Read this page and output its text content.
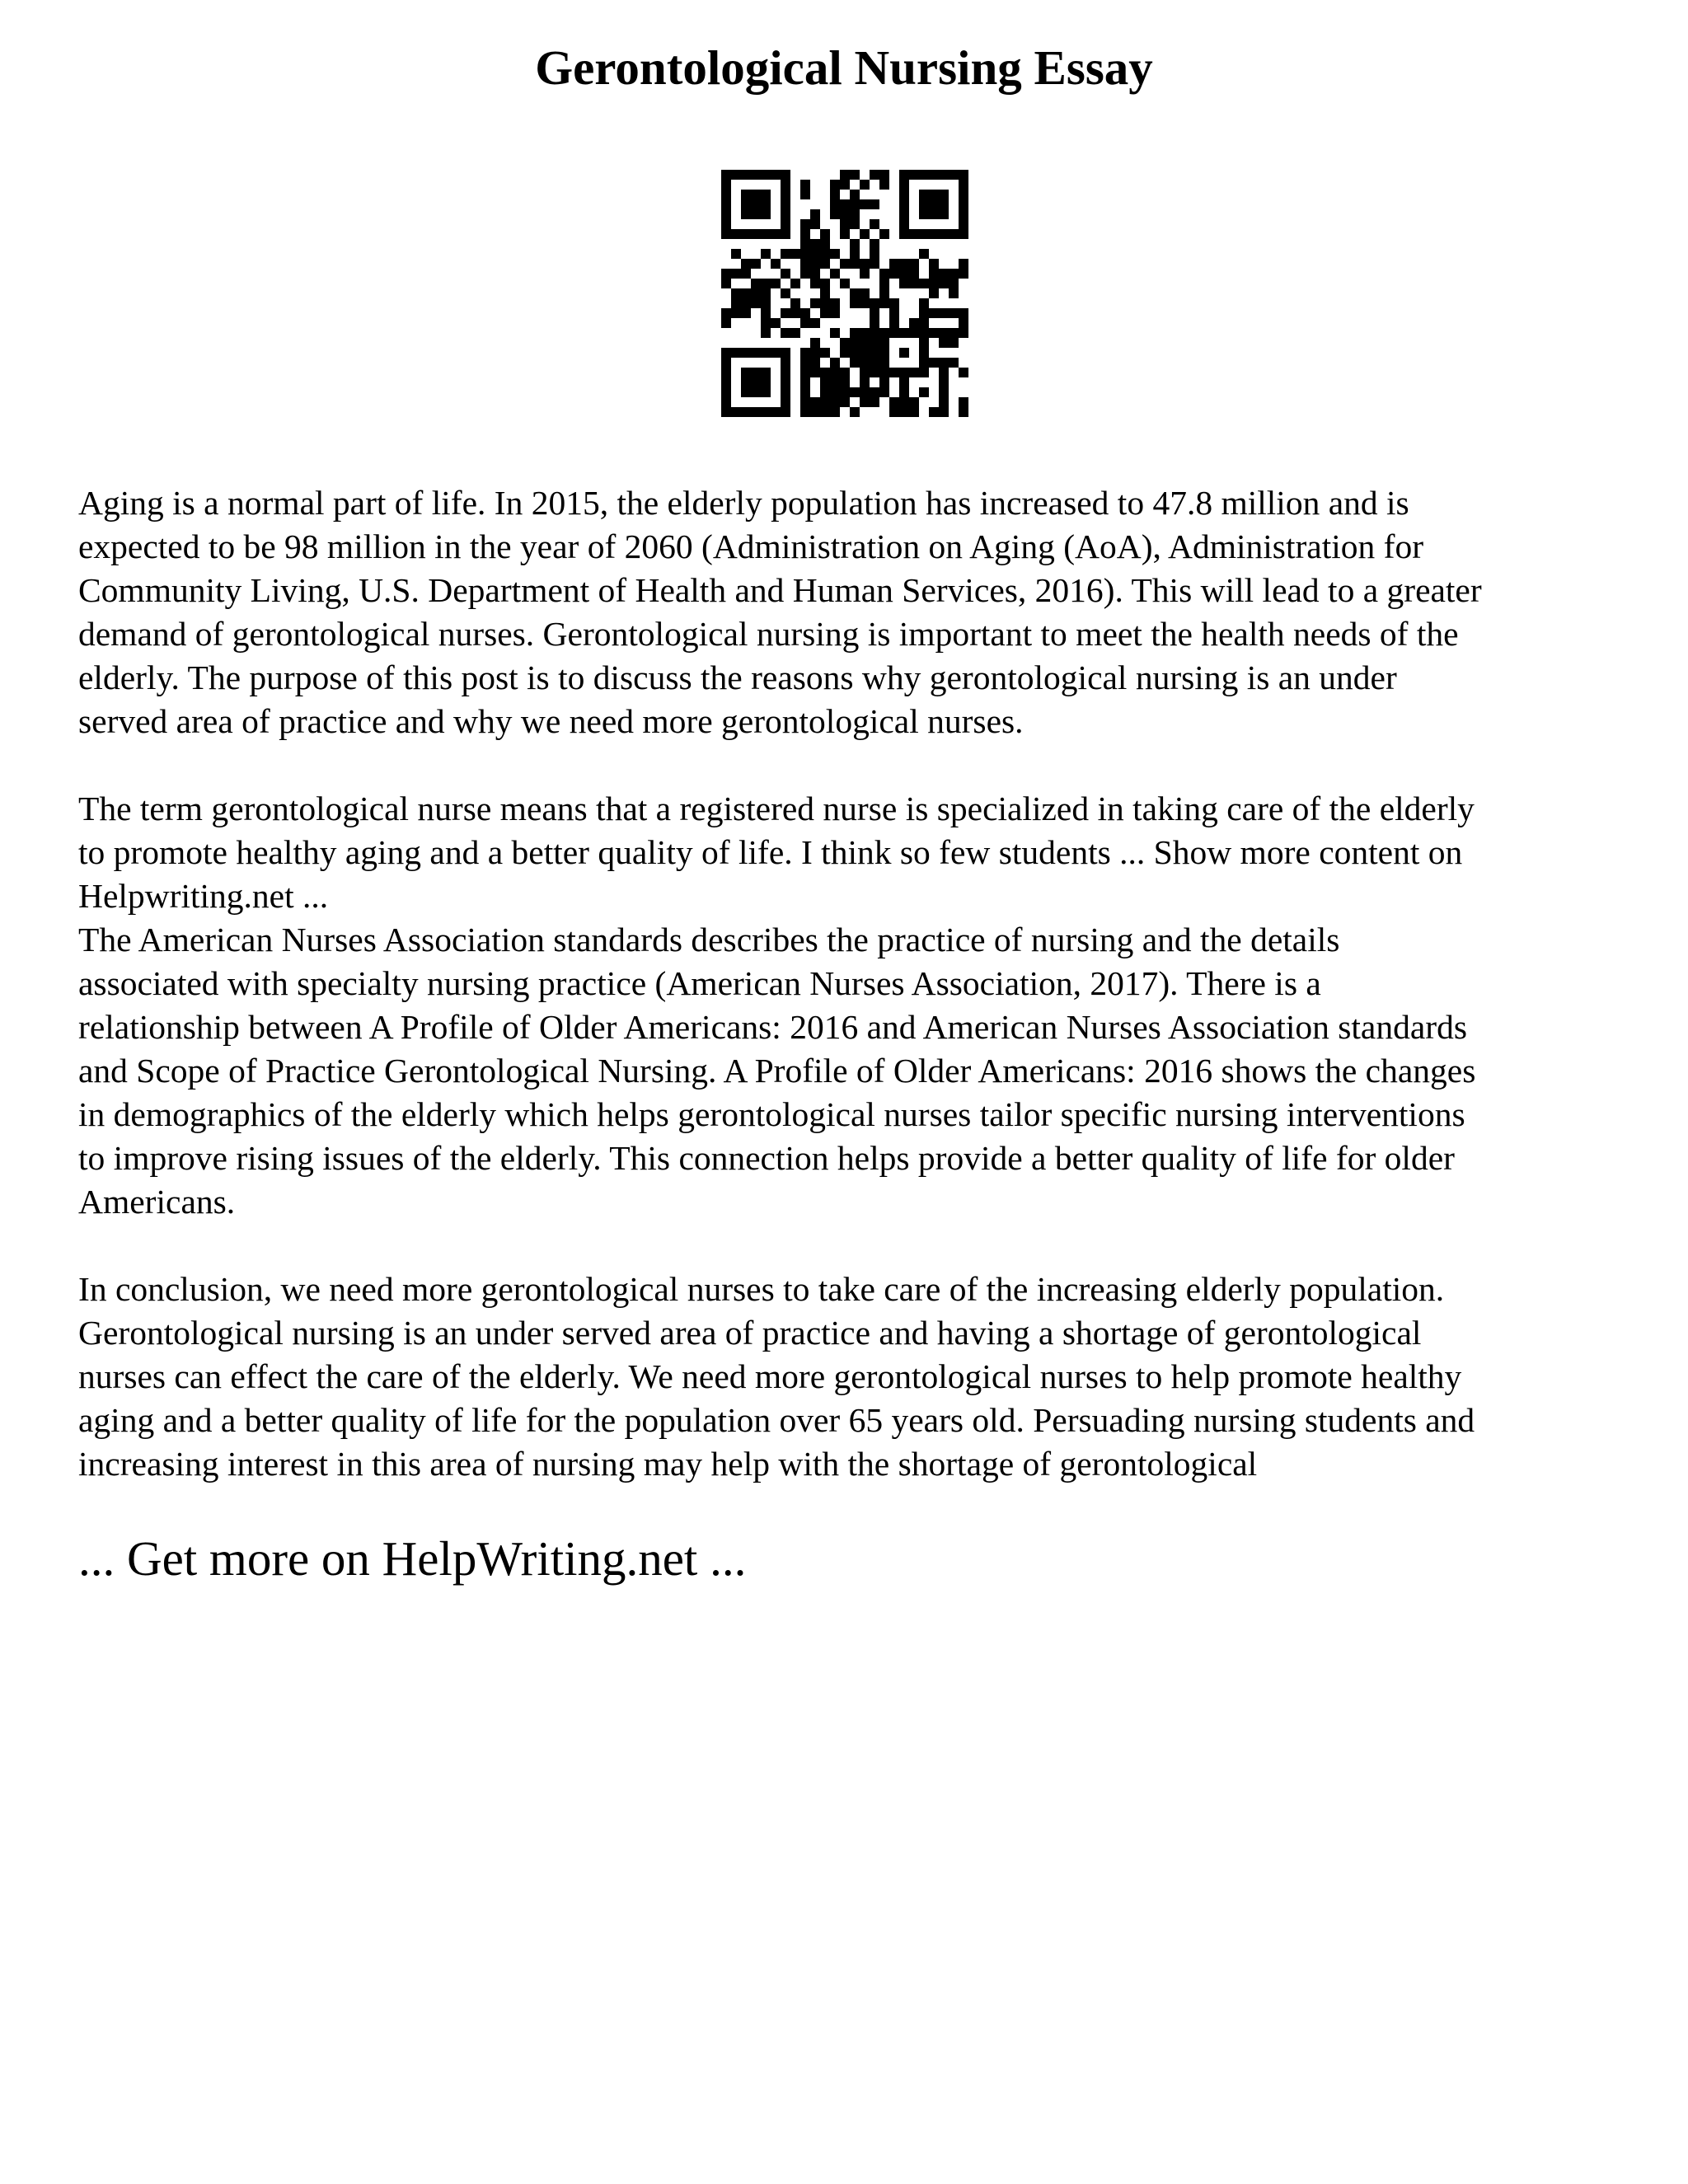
Gerontological Nursing Essay

Aging is a normal part of life. In 2015, the elderly population has increased to 47.8 million and is
expected to be 98 million in the year of 2060 (Administration on Aging (AoA), Administration for
Community Living, U.S. Department of Health and Human Services, 2016). This will lead to a greater
demand of gerontological nurses. Gerontological nursing is important to meet the health needs of the
elderly. The purpose of this post is to discuss the reasons why gerontological nursing is an under
served area of practice and why we need more gerontological nurses.

The term gerontological nurse means that a registered nurse is specialized in taking care of the elderly
to promote healthy aging and a better quality of life. I think so few students ... Show more content on
Helpwriting.net ...

The American Nurses Association standards describes the practice of nursing and the details
associated with specialty nursing practice (American Nurses Association, 2017). There is a
relationship between A Profile of Older Americans: 2016 and American Nurses Association standards
and Scope of Practice Gerontological Nursing. A Profile of Older Americans: 2016 shows the changes
in demographics of the elderly which helps gerontological nurses tailor specific nursing interventions
to improve rising issues of the elderly. This connection helps provide a better quality of life for older
Americans.

In conclusion, we need more gerontological nurses to take care of the increasing elderly population.
Gerontological nursing is an under served area of practice and having a shortage of gerontological
nurses can effect the care of the elderly. We need more gerontological nurses to help promote healthy
aging and a better quality of life for the population over 65 years old. Persuading nursing students and
increasing interest in this area of nursing may help with the shortage of gerontological

... Get more on HelpWriting.net ...
